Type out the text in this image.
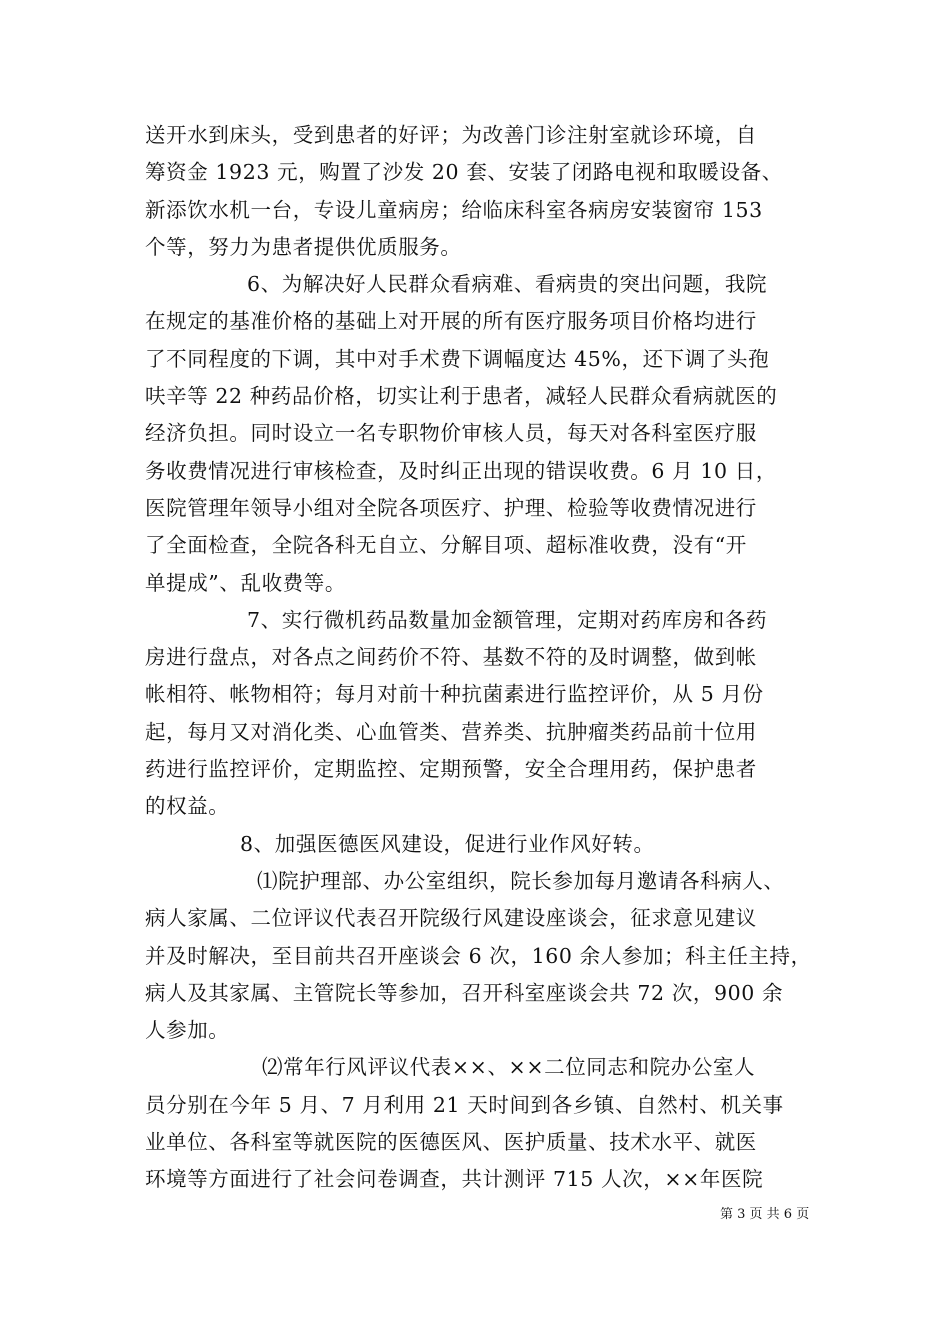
送开水到床头，受到患者的好评；为改善门诊注射室就诊环境，自
筹资金 1923 元，购置了沙发 20 套、安装了闭路电视和取暖设备、
新添饮水机一台，专设儿童病房；给临床科室各病房安装窗帘 153
个等，努力为患者提供优质服务。
6、为解决好人民群众看病难、看病贵的突出问题，我院
在规定的基准价格的基础上对开展的所有医疗服务项目价格均进行
了不同程度的下调，其中对手术费下调幅度达 45%，还下调了头孢
呋辛等 22 种药品价格，切实让利于患者，减轻人民群众看病就医的
经济负担。同时设立一名专职物价审核人员，每天对各科室医疗服
务收费情况进行审核检查，及时纠正出现的错误收费。6 月 10 日，
医院管理年领导小组对全院各项医疗、护理、检验等收费情况进行
了全面检查，全院各科无自立、分解目项、超标准收费，没有“开
单提成”、乱收费等。
7、实行微机药品数量加金额管理，定期对药库房和各药
房进行盘点，对各点之间药价不符、基数不符的及时调整，做到帐
帐相符、帐物相符；每月对前十种抗菌素进行监控评价，从 5 月份
起，每月又对消化类、心血管类、营养类、抗肿瘤类药品前十位用
药进行监控评价，定期监控、定期预警，安全合理用药，保护患者
的权益。
8、加强医德医风建设，促进行业作风好转。
⑴院护理部、办公室组织，院长参加每月邀请各科病人、
病人家属、二位评议代表召开院级行风建设座谈会，征求意见建议
并及时解决，至目前共召开座谈会 6 次，160 余人参加；科主任主持，
病人及其家属、主管院长等参加，召开科室座谈会共 72 次，900 余
人参加。
⑵常年行风评议代表××、××二位同志和院办公室人
员分别在今年 5 月、7 月利用 21 天时间到各乡镇、自然村、机关事
业单位、各科室等就医院的医德医风、医护质量、技术水平、就医
环境等方面进行了社会问卷调查，共计测评 715 人次，××年医院
第 3 页 共 6 页
